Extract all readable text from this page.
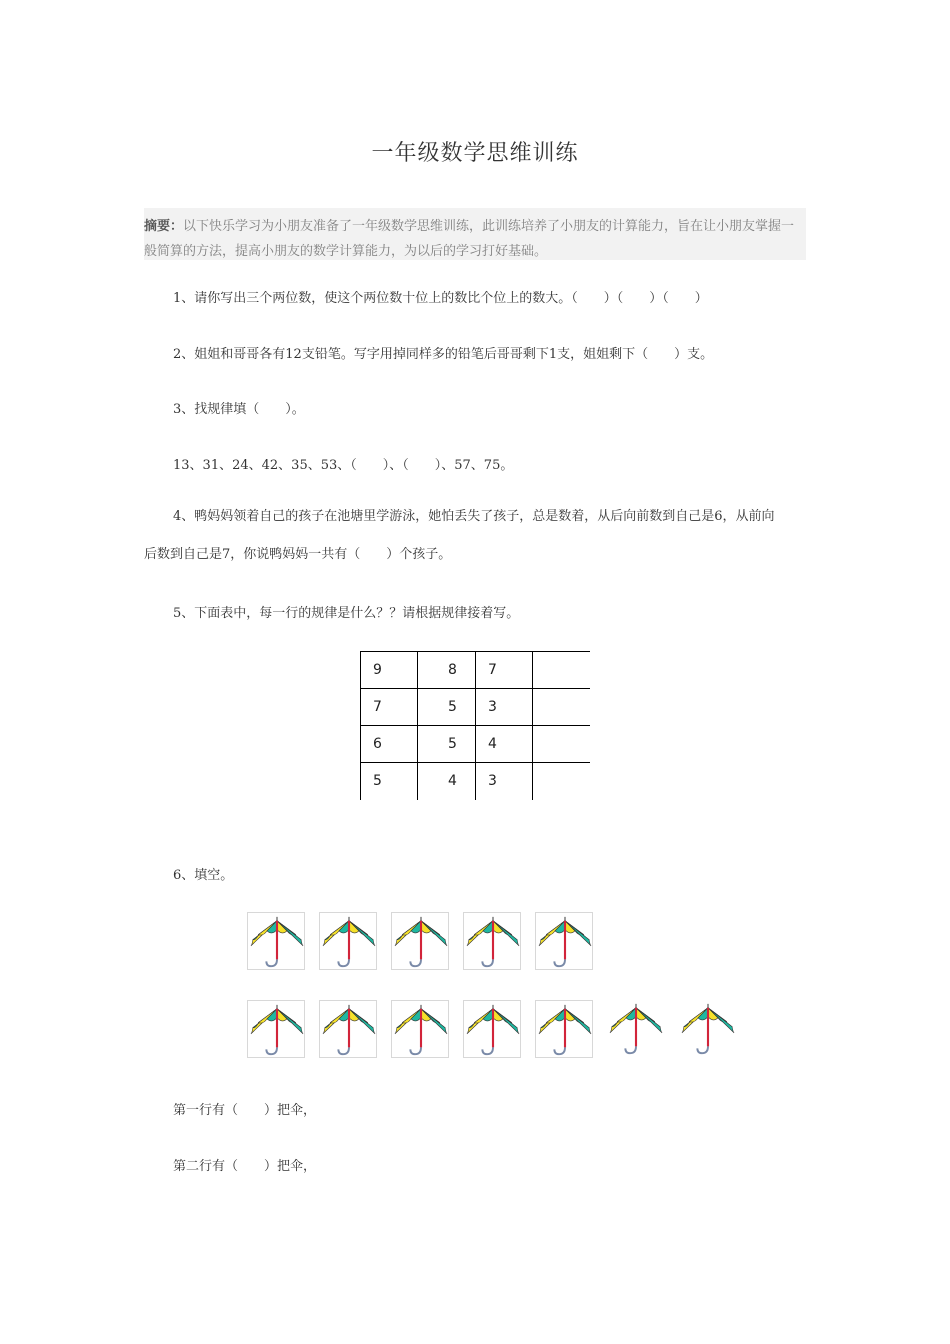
一年级数学思维训练
摘要：以下快乐学习为小朋友准备了一年级数学思维训练，此训练培养了小朋友的计算能力，旨在让小朋友掌握一般简算的方法，提高小朋友的数学计算能力，为以后的学习打好基础。
1、请你写出三个两位数，使这个两位数十位上的数比个位上的数大。（　　）（　　）（　　）
2、姐姐和哥哥各有12支铅笔。写字用掉同样多的铅笔后哥哥剩下1支，姐姐剩下（　　）支。
3、找规律填（　　）。
13、31、24、42、35、53、（　　）、（　　）、57、75。
4、鸭妈妈领着自己的孩子在池塘里学游泳，她怕丢失了孩子，总是数着，从后向前数到自己是6，从前向后数到自己是7，你说鸭妈妈一共有（　　）个孩子。
5、下面表中，每一行的规律是什么？？请根据规律接着写。
9	8	7	
7	5	3	
6	5	4	
5	4	3	
6、填空。
第一行有（　　）把伞，
第二行有（　　）把伞，
